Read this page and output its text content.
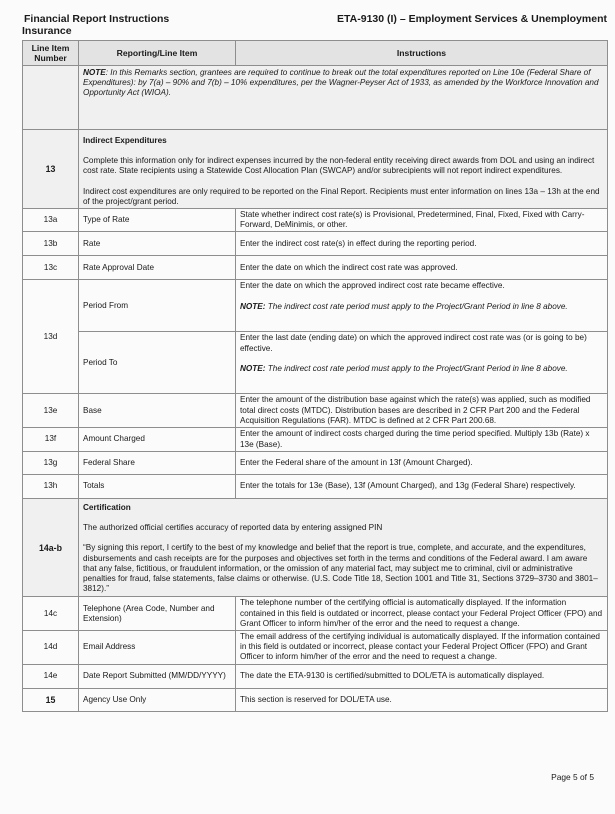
Financial Report Instructions
Insurance
ETA-9130 (I) – Employment Services & Unemployment
Line Item Number	Reporting/Line Item	Instructions
	NOTE: In this Remarks section, grantees are required to continue to break out the total expenditures reported on Line 10e (Federal Share of Expenditures): by 7(a) – 90% and 7(b) – 10% expenditures, per the Wagner-Peyser Act of 1933, as amended by the Workforce Innovation and Opportunity Act (WIOA).	
13	Indirect Expenditures
Complete this information only for indirect expenses incurred by the non-federal entity receiving direct awards from DOL and using an indirect cost rate. State recipients using a Statewide Cost Allocation Plan (SWCAP) and/or subrecipients will not report indirect expenditures.
Indirect cost expenditures are only required to be reported on the Final Report. Recipients must enter information on lines 13a – 13h at the end of the project/grant period.	

13a	Type of Rate	State whether indirect cost rate(s) is Provisional, Predetermined, Final, Fixed, Fixed with Carry-Forward, DeMinimis, or other.
13b	Rate	Enter the indirect cost rate(s) in effect during the reporting period.
13c	Rate Approval Date	Enter the date on which the indirect cost rate was approved.
13d	Period From	Enter the date on which the approved indirect cost rate became effective.
NOTE: The indirect cost rate period must apply to the Project/Grant Period in line 8 above.

	Period To	Enter the last date (ending date) on which the approved indirect cost rate was (or is going to be) effective.
NOTE: The indirect cost rate period must apply to the Project/Grant Period in line 8 above.

13e	Base	Enter the amount of the distribution base against which the rate(s) was applied, such as modified total direct costs (MTDC). Distribution bases are described in 2 CFR Part 200 and the Federal Acquisition Regulations (FAR). MTDC is defined at 2 CFR Part 200.68.
13f	Amount Charged	Enter the amount of indirect costs charged during the time period specified. Multiply 13b (Rate) x 13e (Base).
13g	Federal Share	Enter the Federal share of the amount in 13f (Amount Charged).
13h	Totals	Enter the totals for 13e (Base), 13f (Amount Charged), and 13g (Federal Share) respectively.
14a-b	Certification
The authorized official certifies accuracy of reported data by entering assigned PIN
“By signing this report, I certify to the best of my knowledge and belief that the report is true, complete, and accurate, and the expenditures, disbursements and cash receipts are for the purposes and objectives set forth in the terms and conditions of the Federal award. I am aware that any false, fictitious, or fraudulent information, or the omission of any material fact, may subject me to criminal, civil or administrative penalties for fraud, false statements, false claims or otherwise. (U.S. Code Title 18, Section 1001 and Title 31, Sections 3729–3730 and 3801–3812).”	

14c	Telephone (Area Code, Number and Extension)	The telephone number of the certifying official is automatically displayed. If the information contained in this field is outdated or incorrect, please contact your Federal Project Officer (FPO) and Grant Officer to inform him/her of the error and the need to request a change.
14d	Email Address	The email address of the certifying individual is automatically displayed. If the information contained in this field is outdated or incorrect, please contact your Federal Project Officer (FPO) and Grant Officer to inform him/her of the error and the need to request a change.
14e	Date Report Submitted (MM/DD/YYYY)	The date the ETA-9130 is certified/submitted to DOL/ETA is automatically displayed.
15	Agency Use Only	This section is reserved for DOL/ETA use.
Page 5 of 5
